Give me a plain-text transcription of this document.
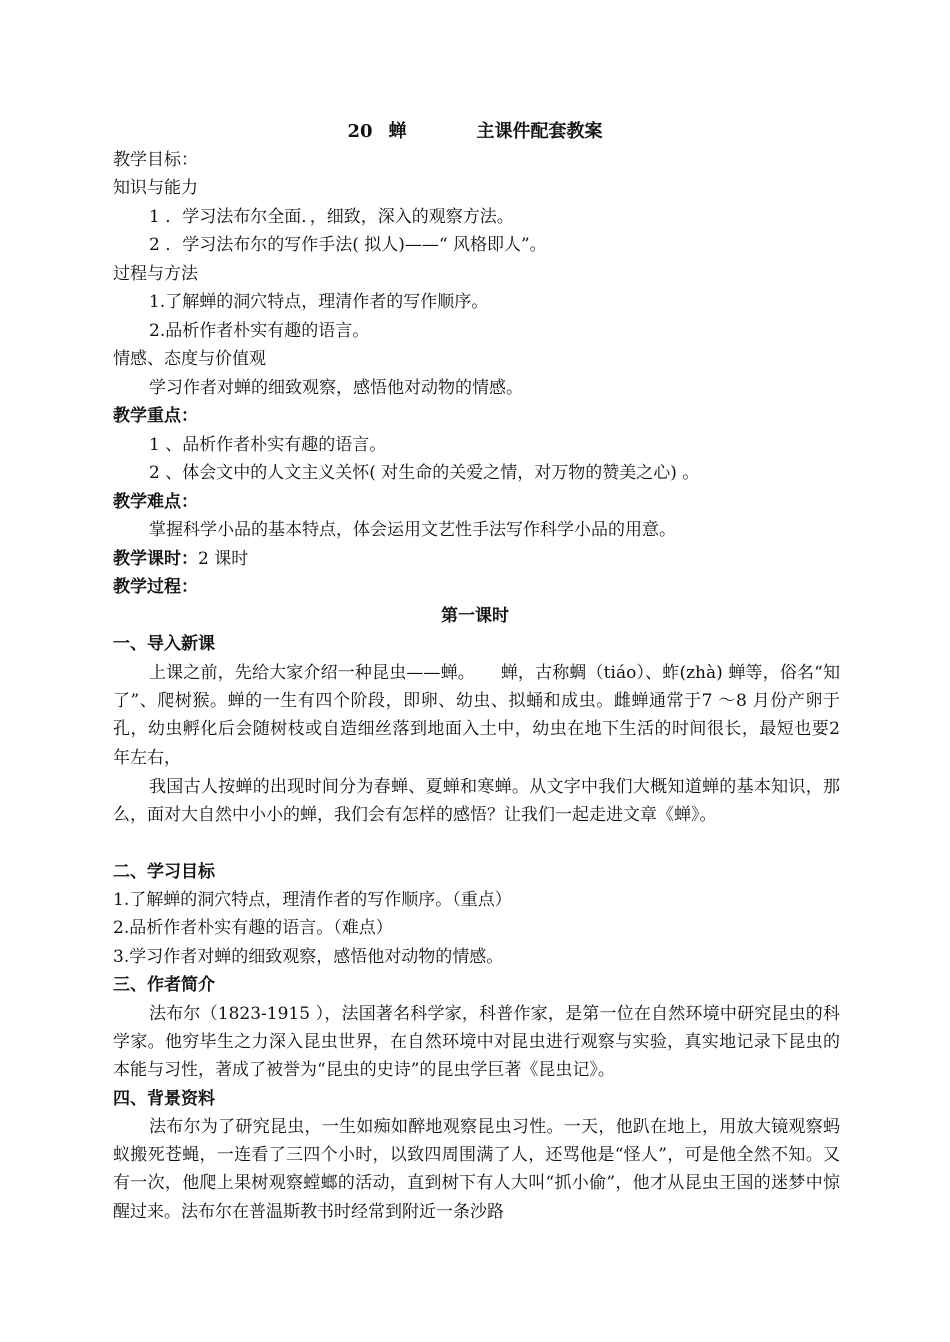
20 蝉	主课件配套教案
教学目标：
知识与能力
1 ．学习法布尔全面．，细致，深入的观察方法。
2 ．学习法布尔的写作手法( 拟人)——“ 风格即人”。
过程与方法
1.了解蝉的洞穴特点，理清作者的写作顺序。
2.品析作者朴实有趣的语言。
情感、态度与价值观
学习作者对蝉的细致观察，感悟他对动物的情感。
教学重点：
1 、品析作者朴实有趣的语言。
2 、体会文中的人文主义关怀( 对生命的关爱之情，对万物的赞美之心) 。
教学难点：
掌握科学小品的基本特点，体会运用文艺性手法写作科学小品的用意。
教学课时：2 课时
教学过程：
第一课时
一、导入新课
上课之前，先给大家介绍一种昆虫——蝉。　　蝉，古称蜩（tiáo）、蚱(zhà) 蝉等，俗名“知了”、爬树猴。蝉的一生有四个阶段，即卵、幼虫、拟蛹和成虫。雌蝉通常于7 ～8 月份产卵于孔，幼虫孵化后会随树枝或自造细丝落到地面入土中，幼虫在地下生活的时间很长，最短也要2 年左右，
我国古人按蝉的出现时间分为春蝉、夏蝉和寒蝉。从文字中我们大概知道蝉的基本知识，那么，面对大自然中小小的蝉，我们会有怎样的感悟？让我们一起走进文章《蝉》。
二、学习目标
1.了解蝉的洞穴特点，理清作者的写作顺序。（重点）
2.品析作者朴实有趣的语言。（难点）
3.学习作者对蝉的细致观察，感悟他对动物的情感。
三、作者简介
法布尔（1823-1915 ），法国著名科学家，科普作家，是第一位在自然环境中研究昆虫的科学家。他穷毕生之力深入昆虫世界，在自然环境中对昆虫进行观察与实验，真实地记录下昆虫的本能与习性，著成了被誉为“昆虫的史诗”的昆虫学巨著《昆虫记》。
四、背景资料
法布尔为了研究昆虫，一生如痴如醉地观察昆虫习性。一天，他趴在地上，用放大镜观察蚂蚁搬死苍蝇，一连看了三四个小时，以致四周围满了人，还骂他是“怪人”，可是他全然不知。又有一次，他爬上果树观察螳螂的活动，直到树下有人大叫“抓小偷”，他才从昆虫王国的迷梦中惊醒过来。法布尔在普温斯教书时经常到附近一条沙路
